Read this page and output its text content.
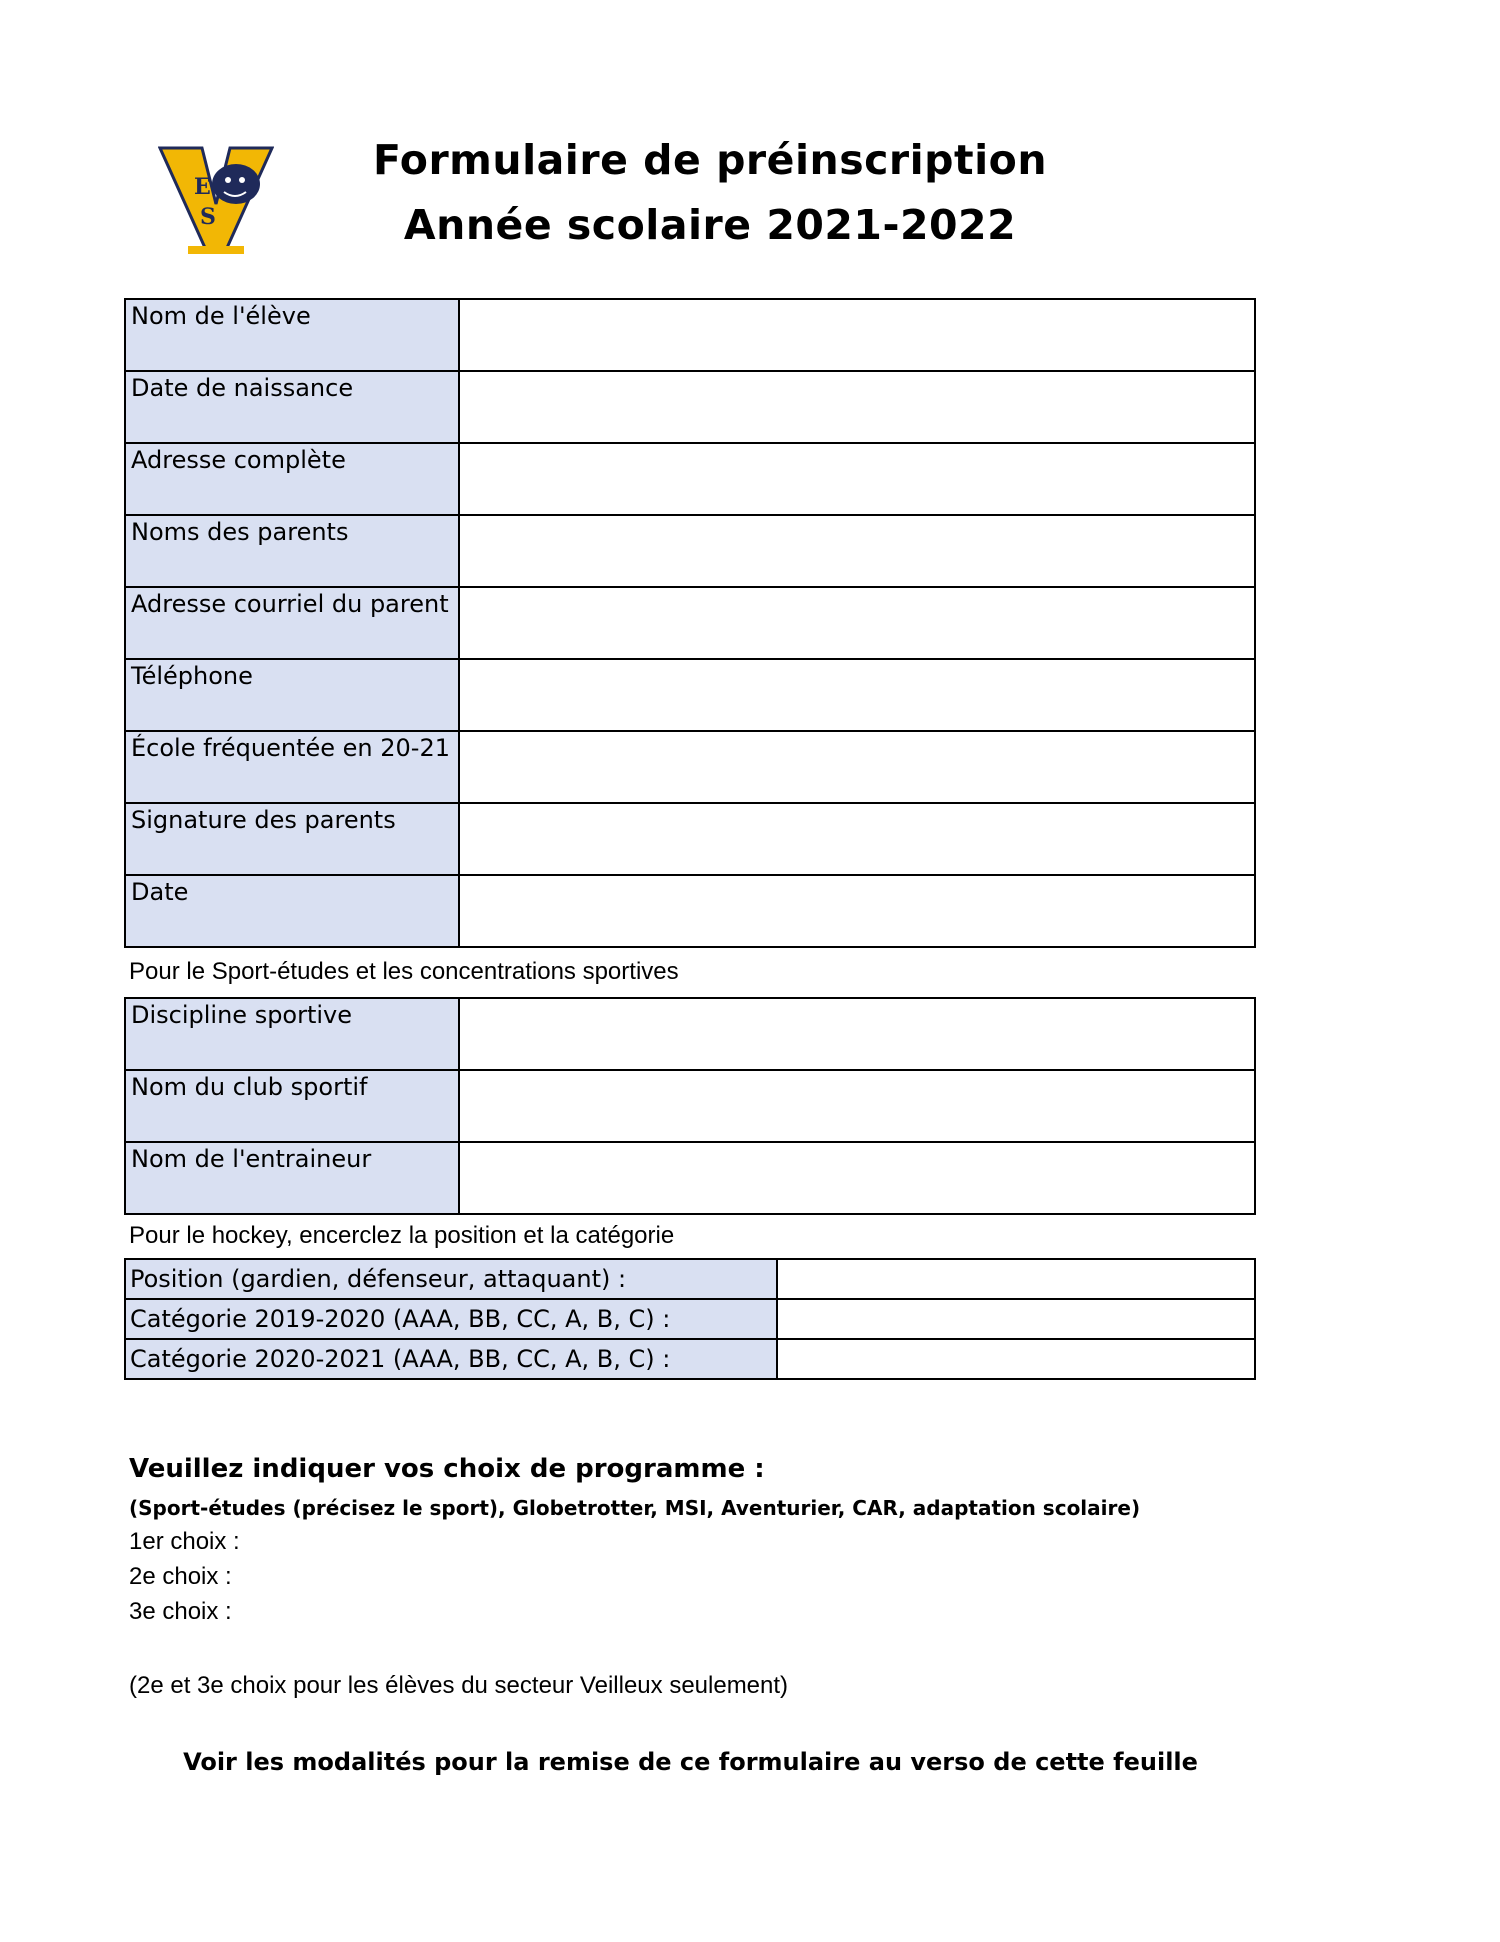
E
S
Formulaire de préinscription
Année scolaire 2021-2022
Nom de l'élève	
Date de naissance	
Adresse complète	
Noms des parents	
Adresse courriel du parent	
Téléphone	
École fréquentée en 20-21	
Signature des parents	
Date	
Pour le Sport-études et les concentrations sportives
Discipline sportive	
Nom du club sportif	
Nom de l'entraineur	
Pour le hockey, encerclez la position et la catégorie
Position (gardien, défenseur, attaquant) :	
Catégorie 2019-2020 (AAA, BB, CC, A, B, C) :	
Catégorie 2020-2021 (AAA, BB, CC, A, B, C) :	
Veuillez indiquer vos choix de programme :
(Sport-études (précisez le sport), Globetrotter, MSI, Aventurier, CAR, adaptation scolaire)
1er choix :
2e choix :
3e choix :
(2e et 3e choix pour les élèves du secteur Veilleux seulement)
Voir les modalités pour la remise de ce formulaire au verso de cette feuille
